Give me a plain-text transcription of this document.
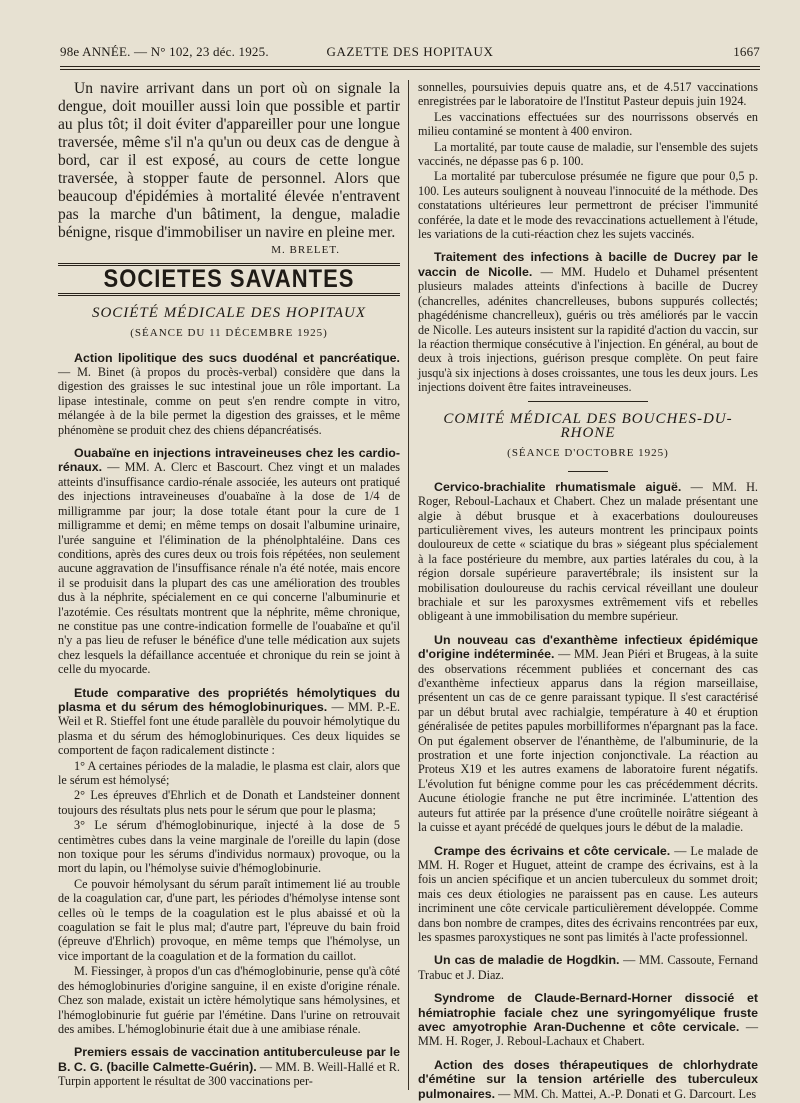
98e ANNÉE. — N° 102, 23 déc. 1925.	GAZETTE DES HOPITAUX	1667

Un navire arrivant dans un port où on signale la dengue, doit mouiller aussi loin que possible et partir au plus tôt; il doit éviter d'appareiller pour une longue traversée, même s'il n'a qu'un ou deux cas de dengue à bord, car il est exposé, au cours de cette longue traversée, à stopper faute de personnel. Alors que beaucoup d'épidémies à mortalité élevée n'entravent pas la marche d'un bâtiment, la dengue, maladie bénigne, risque d'immobiliser un navire en pleine mer.

M. BRELET.
SOCIETES SAVANTES
SOCIÉTÉ MÉDICALE DES HOPITAUX
(SÉANCE DU 11 DÉCEMBRE 1925)

Action lipolitique des sucs duodénal et pancréatique. — M. Binet (à propos du procès-verbal) considère que dans la digestion des graisses le suc intestinal joue un rôle important. La lipase intestinale, comme on peut s'en rendre compte in vitro, mélangée à de la bile permet la digestion des graisses, et le même phénomène se produit chez des chiens dépancréatisés.

Ouabaïne en injections intraveineuses chez les cardio-rénaux. — MM. A. Clerc et Bascourt. Chez vingt et un malades atteints d'insuffisance cardio-rénale associée, les auteurs ont pratiqué des injections intraveineuses d'ouabaïne à la dose de 1/4 de milligramme par jour; la dose totale étant pour la cure de 1 milligramme et demi; en même temps on dosait l'albumine urinaire, l'urée sanguine et l'élimination de la phénolphtaléine. Dans ces conditions, après des cures deux ou trois fois répétées, non seulement aucune aggravation de l'insuffisance rénale n'a été notée, mais encore il se produisit dans la plupart des cas une amélioration des troubles dus à la néphrite, spécialement en ce qui concerne l'albuminurie et l'azotémie. Ces résultats montrent que la néphrite, même chronique, ne constitue pas une contre-indication formelle de l'ouabaïne et qu'il n'y a pas lieu de refuser le bénéfice d'une telle médication aux sujets chez lesquels la défaillance accentuée et chronique du rein se joint à celle du myocarde.

Etude comparative des propriétés hémolytiques du plasma et du sérum des hémoglobinuriques. — MM. P.-E. Weil et R. Stieffel font une étude parallèle du pouvoir hémolytique du plasma et du sérum des hémoglobinuriques. Ces deux liquides se comportent de façon radicalement distincte :

1° A certaines périodes de la maladie, le plasma est clair, alors que le sérum est hémolysé;

2° Les épreuves d'Ehrlich et de Donath et Landsteiner donnent toujours des résultats plus nets pour le sérum que pour le plasma;

3° Le sérum d'hémoglobinurique, injecté à la dose de 5 centimètres cubes dans la veine marginale de l'oreille du lapin (dose non toxique pour les sérums d'individus normaux) provoque, ou la mort du lapin, ou l'hémolyse suivie d'hémoglobinurie.

Ce pouvoir hémolysant du sérum paraît intimement lié au trouble de la coagulation car, d'une part, les périodes d'hémolyse intense sont celles où le temps de la coagulation est le plus abaissé et où la coagulation se fait le plus mal; d'autre part, l'épreuve du bain froid (épreuve d'Ehrlich) provoque, en même temps que l'hémolyse, un vice important de la coagulation et de la formation du caillot.

M. Fiessinger, à propos d'un cas d'hémoglobinurie, pense qu'à côté des hémoglobinuries d'origine sanguine, il en existe d'origine rénale. Chez son malade, existait un ictère hémolytique sans hémolysines, et l'hémoglobinurie fut guérie par l'émétine. Dans l'urine on retrouvait des amibes. L'hémoglobinurie était due à une amibiase rénale.

Premiers essais de vaccination antituberculeuse par le B. C. G. (bacille Calmette-Guérin). — MM. B. Weill-Hallé et R. Turpin apportent le résultat de 300 vaccinations per-

sonnelles, poursuivies depuis quatre ans, et de 4.517 vaccinations enregistrées par le laboratoire de l'Institut Pasteur depuis juin 1924.

Les vaccinations effectuées sur des nourrissons observés en milieu contaminé se montent à 400 environ.

La mortalité, par toute cause de maladie, sur l'ensemble des sujets vaccinés, ne dépasse pas 6 p. 100.

La mortalité par tuberculose présumée ne figure que pour 0,5 p. 100. Les auteurs soulignent à nouveau l'innocuité de la méthode. Des constatations ultérieures leur permettront de préciser l'immunité conférée, la date et le mode des revaccinations actuellement à l'étude, les variations de la cuti-réaction chez les sujets vaccinés.

Traitement des infections à bacille de Ducrey par le vaccin de Nicolle. — MM. Hudelo et Duhamel présentent plusieurs malades atteints d'infections à bacille de Ducrey (chancrelles, adénites chancrelleuses, bubons suppurés collectés; phagédénisme chancrelleux), guéris ou très améliorés par le vaccin de Nicolle. Les auteurs insistent sur la rapidité d'action du vaccin, sur la réaction thermique consécutive à l'injection. En général, au bout de deux à trois injections, guérison presque complète. On peut faire jusqu'à six injections à doses croissantes, une tous les deux jours. Les injections doivent être faites intraveineuses.

COMITÉ MÉDICAL DES BOUCHES-DU-RHONE
(SÉANCE D'OCTOBRE 1925)

Cervico-brachialite rhumatismale aiguë. — MM. H. Roger, Reboul-Lachaux et Chabert. Chez un malade présentant une algie à début brusque et à exacerbations douloureuses particulièrement vives, les auteurs montrent les principaux points douloureux de cette « sciatique du bras » siégeant plus spécialement à la face postérieure du membre, aux parties latérales du cou, à la région dorsale supérieure paravertébrale; ils insistent sur la mobilisation douloureuse du rachis cervical réveillant une douleur brachiale et sur les paroxysmes extrêmement vifs et rebelles obligeant à une immobilisation du membre supérieur.

Un nouveau cas d'exanthème infectieux épidémique d'origine indéterminée. — MM. Jean Piéri et Brugeas, à la suite des observations récemment publiées et concernant des cas d'exanthème infectieux apparus dans la région marseillaise, présentent un cas de ce genre paraissant typique. Il s'est caractérisé par un début brutal avec rachialgie, température à 40 et éruption généralisée de petites papules morbilliformes n'épargnant pas la face. On put également observer de l'énanthème, de l'albuminurie, de la prostration et une forte injection conjonctivale. La réaction au Proteus X19 et les autres examens de laboratoire furent négatifs. L'évolution fut bénigne comme pour les cas précédemment décrits. Aucune étiologie franche ne put être incriminée. L'attention des auteurs fut attirée par la présence d'une croûtelle noirâtre siégeant à la cuisse et ayant précédé de quelques jours le début de la maladie.

Crampe des écrivains et côte cervicale. — Le malade de MM. H. Roger et Huguet, atteint de crampe des écrivains, est à la fois un ancien spécifique et un ancien tuberculeux du sommet droit; mais ces deux étiologies ne paraissent pas en cause. Les auteurs incriminent une côte cervicale particulièrement développée. Comme dans bon nombre de crampes, dites des écrivains rencontrées par eux, les spasmes paroxystiques ne sont pas limités à l'acte professionnel.

Un cas de maladie de Hogdkin. — MM. Cassoute, Fernand Trabuc et J. Diaz.

Syndrome de Claude-Bernard-Horner dissocié et hémiatrophie faciale chez une syringomyélique fruste avec amyotrophie Aran-Duchenne et côte cervicale. — MM. H. Roger, J. Reboul-Lachaux et Chabert.

Action des doses thérapeutiques de chlorhydrate d'émétine sur la tension artérielle des tuberculeux pulmonaires. — MM. Ch. Mattei, A.-P. Donati et G. Darcourt. Les
